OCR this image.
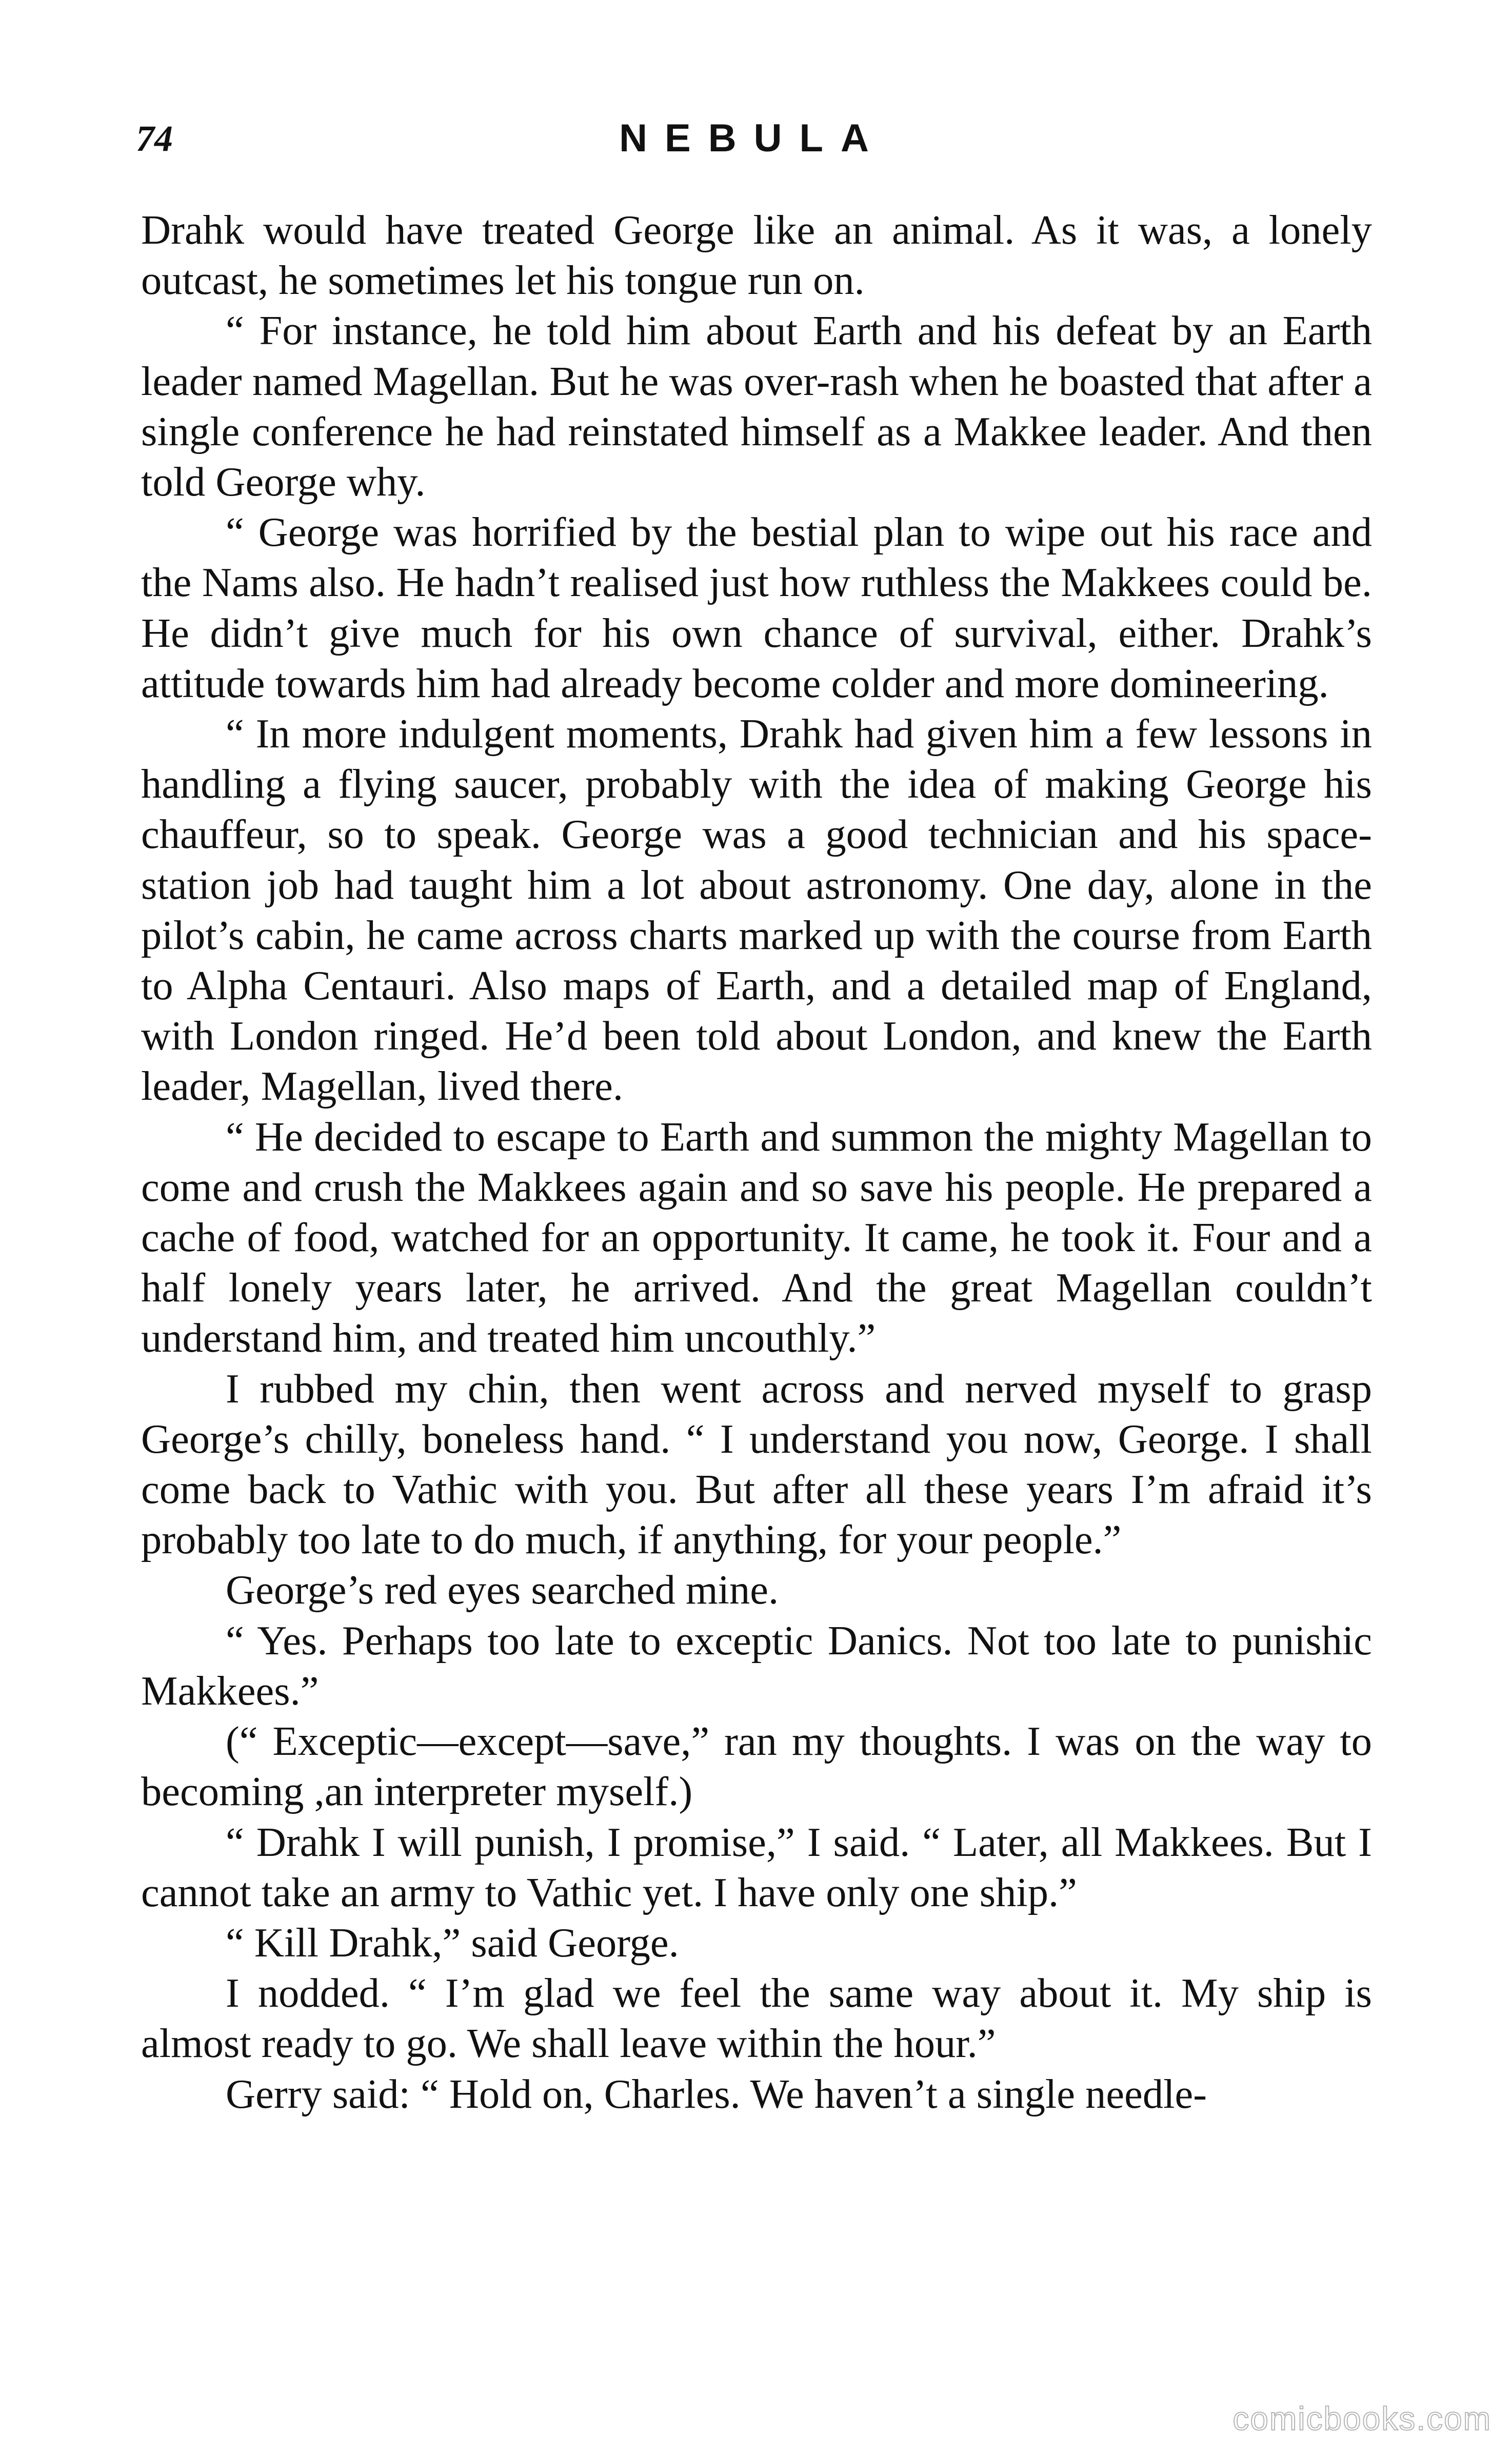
74	NEBULA

Drahk would have treated George like an animal. As it was, a lonely outcast, he sometimes let his tongue run on.

“ For instance, he told him about Earth and his defeat by an Earth leader named Magellan. But he was over-rash when he boasted that after a single conference he had reinstated himself as a Makkee leader. And then told George why.

“ George was horrified by the bestial plan to wipe out his race and the Nams also. He hadn’t realised just how ruthless the Makkees could be. He didn’t give much for his own chance of survival, either. Drahk’s attitude towards him had already become colder and more domineering.

“ In more indulgent moments, Drahk had given him a few lessons in handling a flying saucer, probably with the idea of making George his chauffeur, so to speak. George was a good technician and his space-station job had taught him a lot about astronomy. One day, alone in the pilot’s cabin, he came across charts marked up with the course from Earth to Alpha Centauri. Also maps of Earth, and a detailed map of England, with London ringed. He’d been told about London, and knew the Earth leader, Magellan, lived there.

“ He decided to escape to Earth and summon the mighty Magellan to come and crush the Makkees again and so save his people. He prepared a cache of food, watched for an opportunity. It came, he took it. Four and a half lonely years later, he arrived. And the great Magellan couldn’t understand him, and treated him uncouthly.”

I rubbed my chin, then went across and nerved myself to grasp George’s chilly, boneless hand. “ I understand you now, George. I shall come back to Vathic with you. But after all these years I’m afraid it’s probably too late to do much, if anything, for your people.”

George’s red eyes searched mine.

“ Yes. Perhaps too late to exceptic Danics. Not too late to punishic Makkees.”

(“ Exceptic—except—save,” ran my thoughts. I was on the way to becoming ,an interpreter myself.)

“ Drahk I will punish, I promise,” I said. “ Later, all Makkees. But I cannot take an army to Vathic yet. I have only one ship.”

“ Kill Drahk,” said George.

I nodded. “ I’m glad we feel the same way about it. My ship is almost ready to go. We shall leave within the hour.”

Gerry said: “ Hold on, Charles. We haven’t a single needle-

comicbooks.com
